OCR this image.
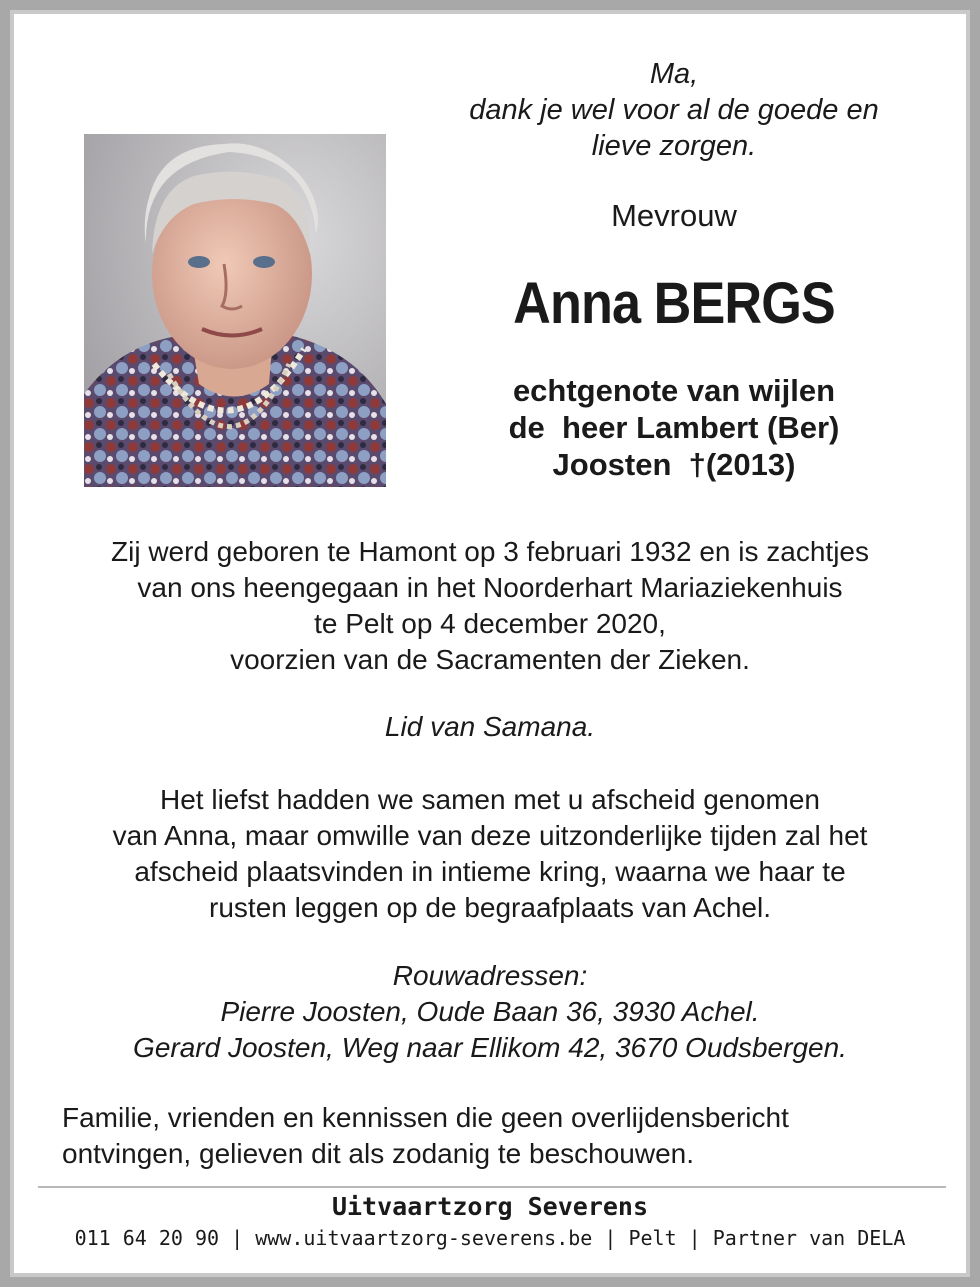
Ma,
dank je wel voor al de goede en
lieve zorgen.
Mevrouw
Anna BERGS
echtgenote van wijlen
de  heer Lambert (Ber)
Joosten  †(2013)
Zij werd geboren te Hamont op 3 februari 1932 en is zachtjes
van ons heengegaan in het Noorderhart Mariaziekenhuis
te Pelt op 4 december 2020,
voorzien van de Sacramenten der Zieken.
Lid van Samana.
Het liefst hadden we samen met u afscheid genomen
van Anna, maar omwille van deze uitzonderlijke tijden zal het
afscheid plaatsvinden in intieme kring, waarna we haar te
rusten leggen op de begraafplaats van Achel.
Rouwadressen:
Pierre Joosten, Oude Baan 36, 3930 Achel.
Gerard Joosten, Weg naar Ellikom 42, 3670 Oudsbergen.
Familie, vrienden en kennissen die geen overlijdensbericht
ontvingen, gelieven dit als zodanig te beschouwen.
Uitvaartzorg Severens
011 64 20 90 | www.uitvaartzorg-severens.be | Pelt | Partner van DELA
